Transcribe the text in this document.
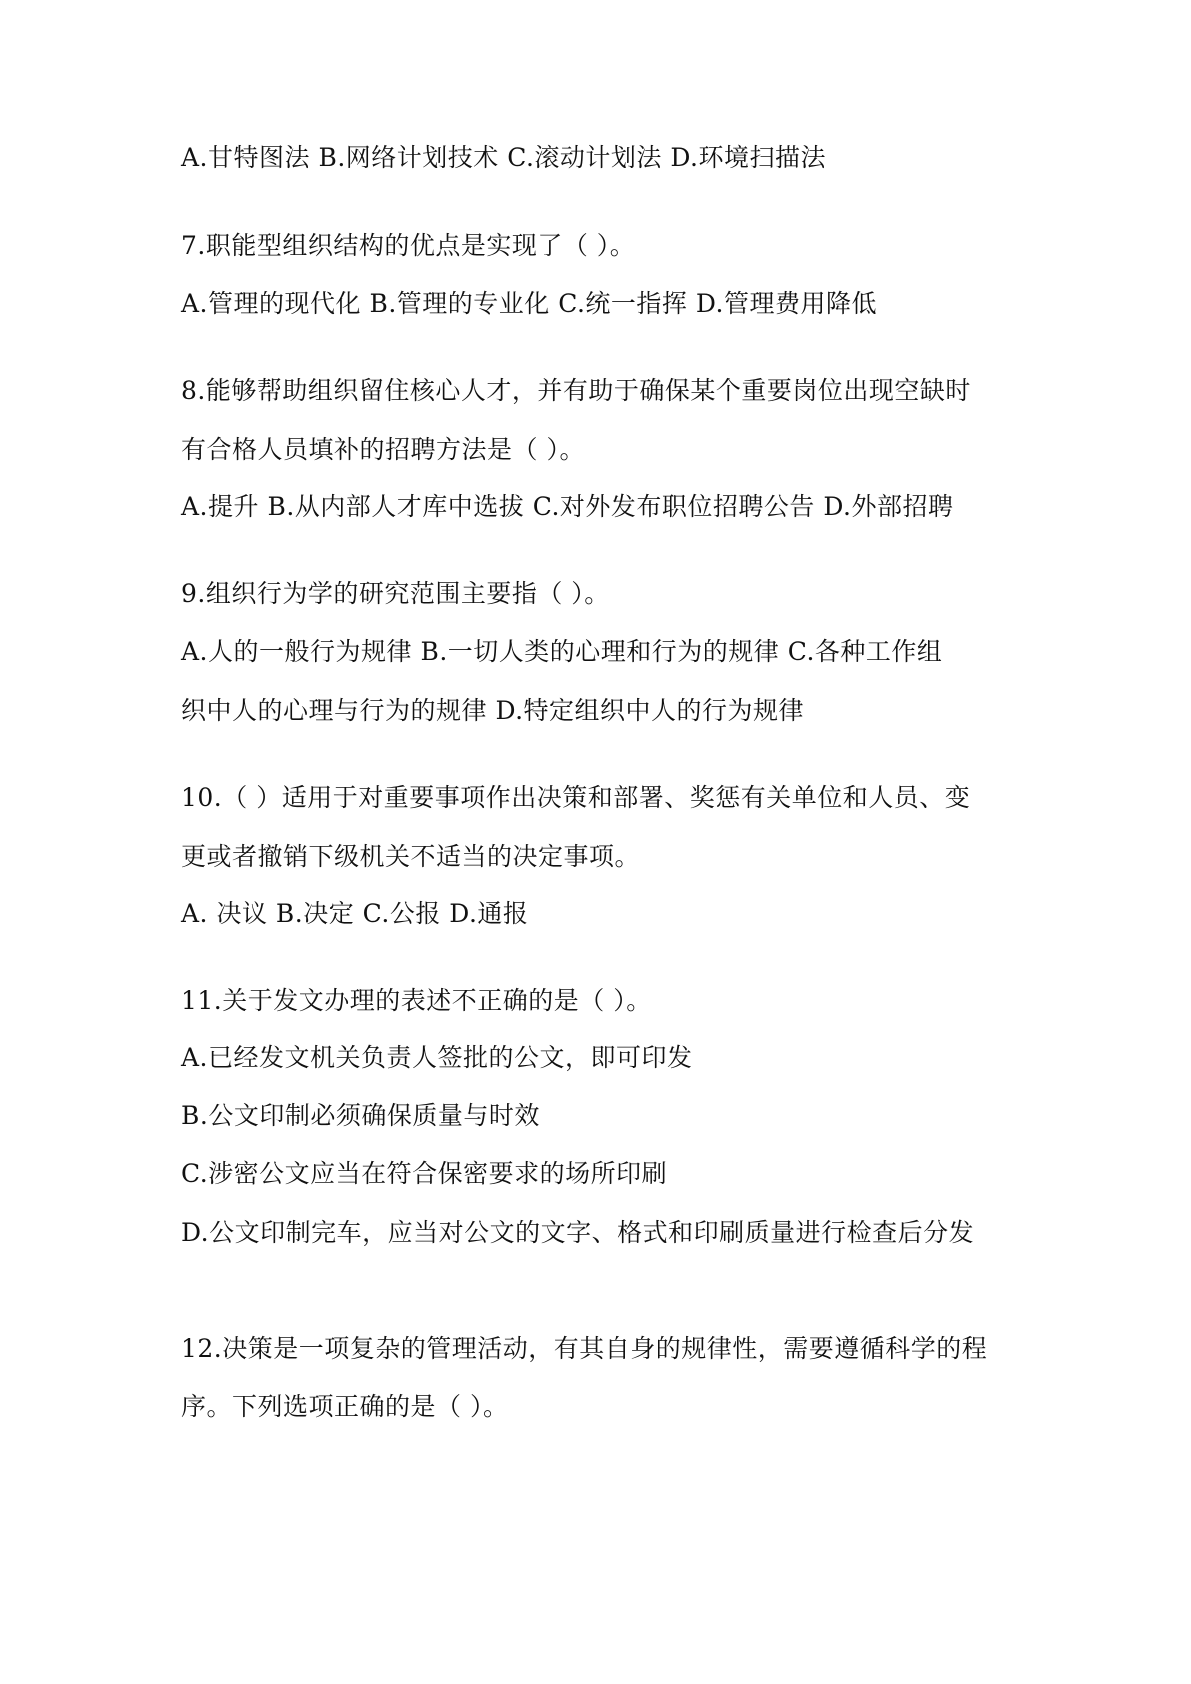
A.甘特图法 B.网络计划技术 C.滚动计划法 D.环境扫描法
7.职能型组织结构的优点是实现了（ ）。
A.管理的现代化 B.管理的专业化 C.统一指挥 D.管理费用降低
8.能够帮助组织留住核心人才，并有助于确保某个重要岗位出现空缺时
有合格人员填补的招聘方法是（ ）。
A.提升 B.从内部人才库中选拔 C.对外发布职位招聘公告 D.外部招聘
9.组织行为学的研究范围主要指（ ）。
A.人的一般行为规律 B.一切人类的心理和行为的规律 C.各种工作组
织中人的心理与行为的规律 D.特定组织中人的行为规律
10.（ ）适用于对重要事项作出决策和部署、奖惩有关单位和人员、变
更或者撤销下级机关不适当的决定事项。
A. 决议 B.决定 C.公报 D.通报
11.关于发文办理的表述不正确的是（ ）。
A.已经发文机关负责人签批的公文，即可印发
B.公文印制必须确保质量与时效
C.涉密公文应当在符合保密要求的场所印刷
D.公文印制完车，应当对公文的文字、格式和印刷质量进行检查后分发
12.决策是一项复杂的管理活动，有其自身的规律性，需要遵循科学的程
序。下列选项正确的是（ ）。
